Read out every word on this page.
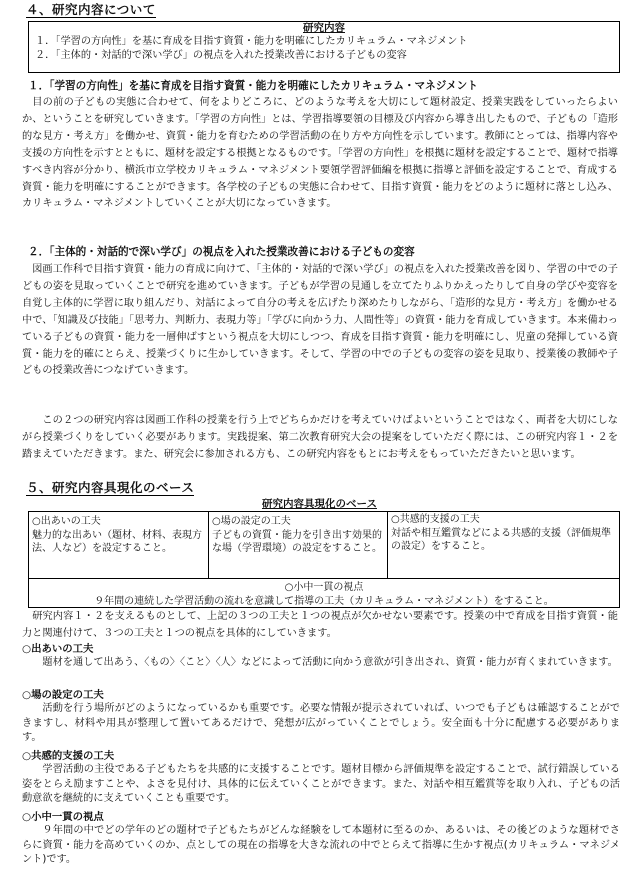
４、研究内容について
研究内容
１．「学習の方向性」を基に育成を目指す資質・能力を明確にしたカリキュラム・マネジメント
２．「主体的・対話的で深い学び」の視点を入れた授業改善における子どもの変容
１．「学習の方向性」を基に育成を目指す資質・能力を明確にしたカリキュラム・マネジメント

目の前の子どもの実態に合わせて、何をよりどころに、どのような考えを大切にして題材設定、授業実践をしていったらよいか、ということを研究していきます。「学習の方向性」とは、学習指導要領の目標及び内容から導き出したもので、子どもの「造形的な見方・考え方」を働かせ、資質・能力を育むための学習活動の在り方や方向性を示しています。教師にとっては、指導内容や支援の方向性を示すとともに、題材を設定する根拠となるものです。「学習の方向性」を根拠に題材を設定することで、題材で指導すべき内容が分かり、横浜市立学校カリキュラム・マネジメント要領学習評価編を根拠に指導と評価を設定することで、育成する資質・能力を明確にすることができます。各学校の子どもの実態に合わせて、目指す資質・能力をどのように題材に落とし込み、カリキュラム・マネジメントしていくことが大切になっていきます。

２．「主体的・対話的で深い学び」の視点を入れた授業改善における子どもの変容

図画工作科で目指す資質・能力の育成に向けて、「主体的・対話的で深い学び」の視点を入れた授業改善を図り、学習の中での子どもの姿を見取っていくことで研究を進めていきます。子どもが学習の見通しを立てたりふりかえったりして自身の学びや変容を自覚し主体的に学習に取り組んだり、対話によって自分の考えを広げたり深めたりしながら、「造形的な見方・考え方」を働かせる中で、「知識及び技能」「思考力、判断力、表現力等」「学びに向かう力、人間性等」の資質・能力を育成していきます。本来備わっている子どもの資質・能力を一層伸ばすという視点を大切にしつつ、育成を目指す資質・能力を明確にし、児童の発揮している資質・能力を的確にとらえ、授業づくりに生かしていきます。そして、学習の中での子どもの変容の姿を見取り、授業後の教師や子どもの授業改善につなげていきます。

この２つの研究内容は図画工作科の授業を行う上でどちらかだけを考えていけばよいということではなく、両者を大切にしながら授業づくりをしていく必要があります。実践提案、第二次教育研究大会の提案をしていただく際には、この研究内容１・２を踏まえていただきます。また、研究会に参加される方も、この研究内容をもとにお考えをもっていただきたいと思います。

５、研究内容具現化のベース
研究内容具現化のベース
○出あいの工夫
魅力的な出あい（題材、材料、表現方法、人など）を設定すること。
○場の設定の工夫
子どもの資質・能力を引き出す効果的な場（学習環境）の設定をすること。
○共感的支援の工夫
対話や相互鑑賞などによる共感的支援（評価規準の設定）をすること。
○小中一貫の視点
９年間の連続した学習活動の流れを意識して指導の工夫（カリキュラム・マネジメント）をすること。

研究内容１・２を支えるものとして、上記の３つの工夫と１つの視点が欠かせない要素です。授業の中で育成を目指す資質・能力と関連付けて、３つの工夫と１つの視点を具体的にしていきます。

○出あいの工夫

題材を通して出あう、〈もの〉〈こと〉〈人〉などによって活動に向かう意欲が引き出され、資質・能力が育くまれていきます。

○場の設定の工夫

活動を行う場所がどのようになっているかも重要です。必要な情報が提示されていれば、いつでも子どもは確認することができますし、材料や用具が整理して置いてあるだけで、発想が広がっていくことでしょう。安全面も十分に配慮する必要があります。

○共感的支援の工夫

学習活動の主役である子どもたちを共感的に支援することです。題材目標から評価規準を設定することで、試行錯誤している姿をとらえ励ますことや、よさを見付け、具体的に伝えていくことができます。また、対話や相互鑑賞等を取り入れ、子どもの活動意欲を継続的に支えていくことも重要です。

○小中一貫の視点

９年間の中でどの学年のどの題材で子どもたちがどんな経験をして本題材に至るのか、あるいは、その後どのような題材でさらに資質・能力を高めていくのか、点としての現在の指導を大きな流れの中でとらえて指導に生かす視点(カリキュラム・マネジメント)です。
